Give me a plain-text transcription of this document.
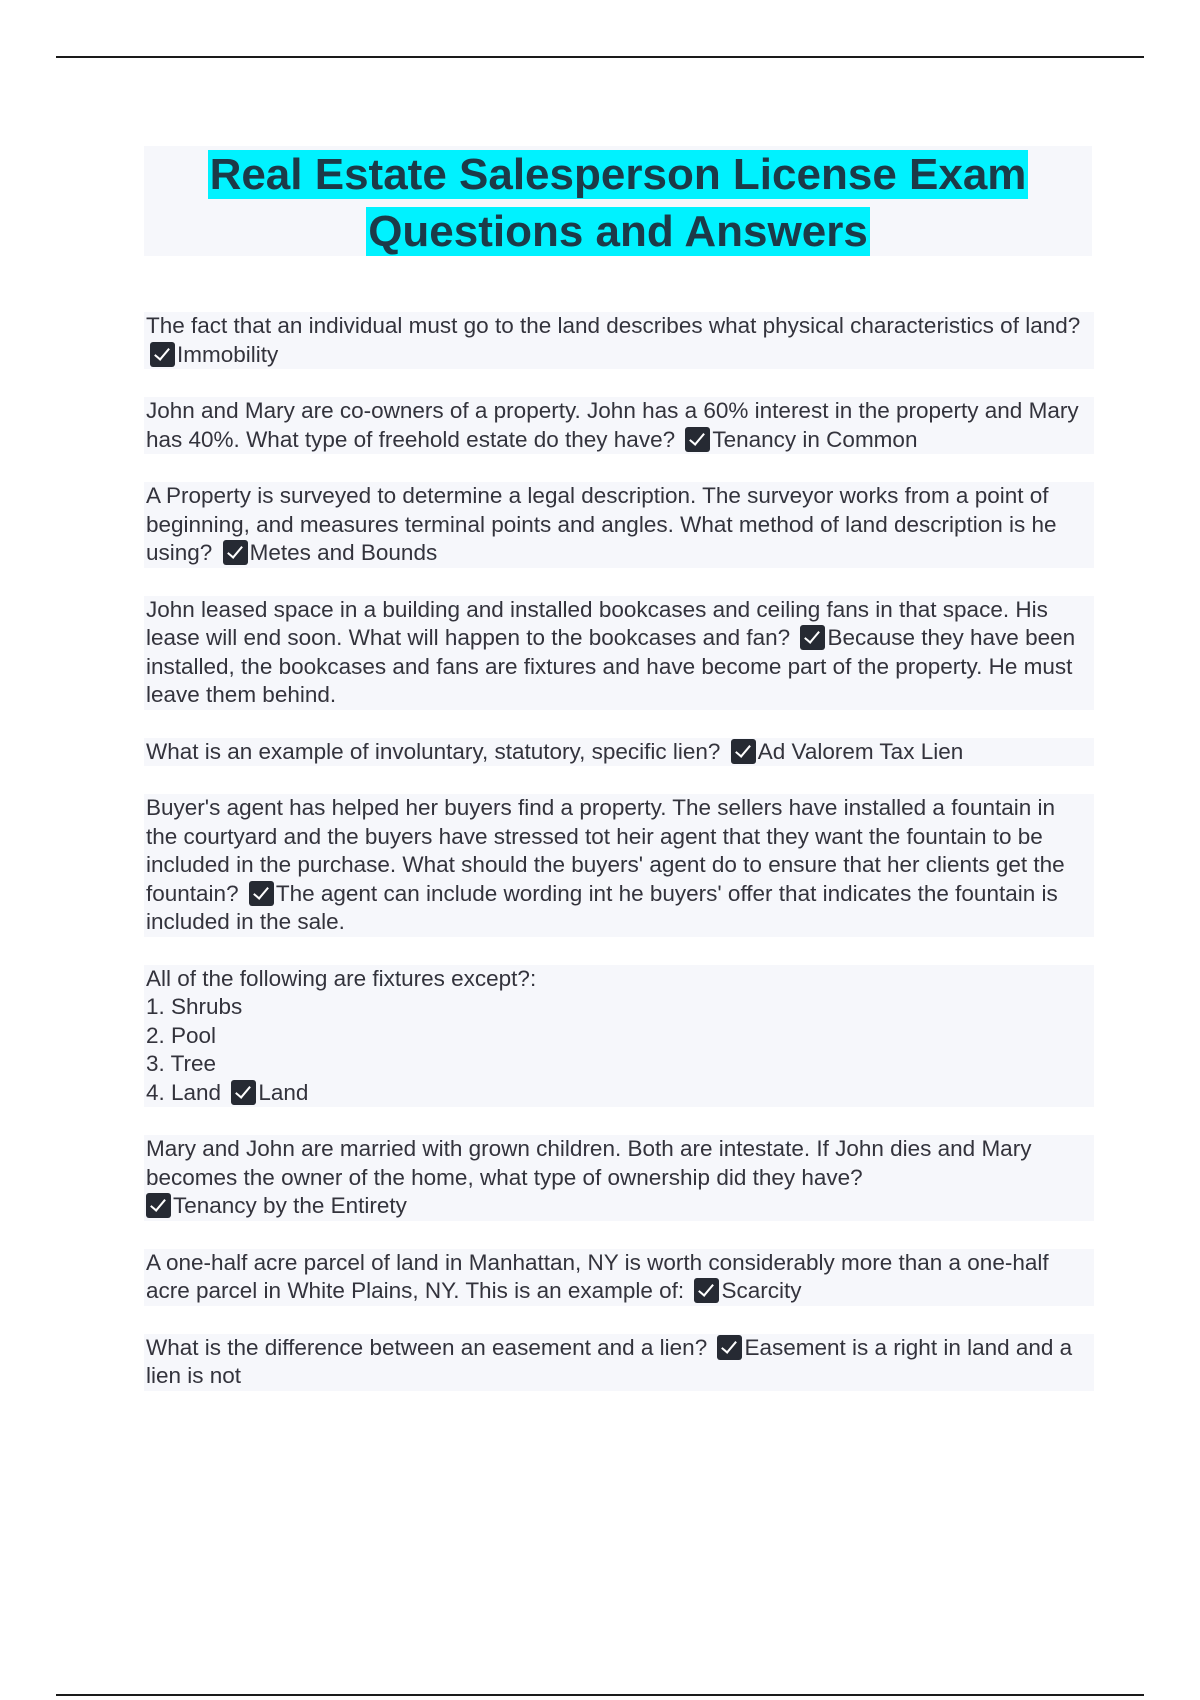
Real Estate Salesperson License Exam
Questions and Answers
The fact that an individual must go to the land describes what physical characteristics of land? Immobility
John and Mary are co-owners of a property. John has a 60% interest in the property and Mary has 40%. What type of freehold estate do they have? Tenancy in Common
A Property is surveyed to determine a legal description. The surveyor works from a point of beginning, and measures terminal points and angles. What method of land description is he using? Metes and Bounds
John leased space in a building and installed bookcases and ceiling fans in that space. His lease will end soon. What will happen to the bookcases and fan? Because they have been installed, the bookcases and fans are fixtures and have become part of the property. He must leave them behind.
What is an example of involuntary, statutory, specific lien? Ad Valorem Tax Lien
Buyer's agent has helped her buyers find a property. The sellers have installed a fountain in the courtyard and the buyers have stressed tot heir agent that they want the fountain to be included in the purchase. What should the buyers' agent do to ensure that her clients get the fountain? The agent can include wording int he buyers' offer that indicates the fountain is included in the sale.
All of the following are fixtures except?:
1. Shrubs
2. Pool
3. Tree
4. Land Land
Mary and John are married with grown children. Both are intestate. If John dies and Mary becomes the owner of the home, what type of ownership did they have?
Tenancy by the Entirety
A one-half acre parcel of land in Manhattan, NY is worth considerably more than a one-half acre parcel in White Plains, NY. This is an example of: Scarcity
What is the difference between an easement and a lien? Easement is a right in land and a lien is not
